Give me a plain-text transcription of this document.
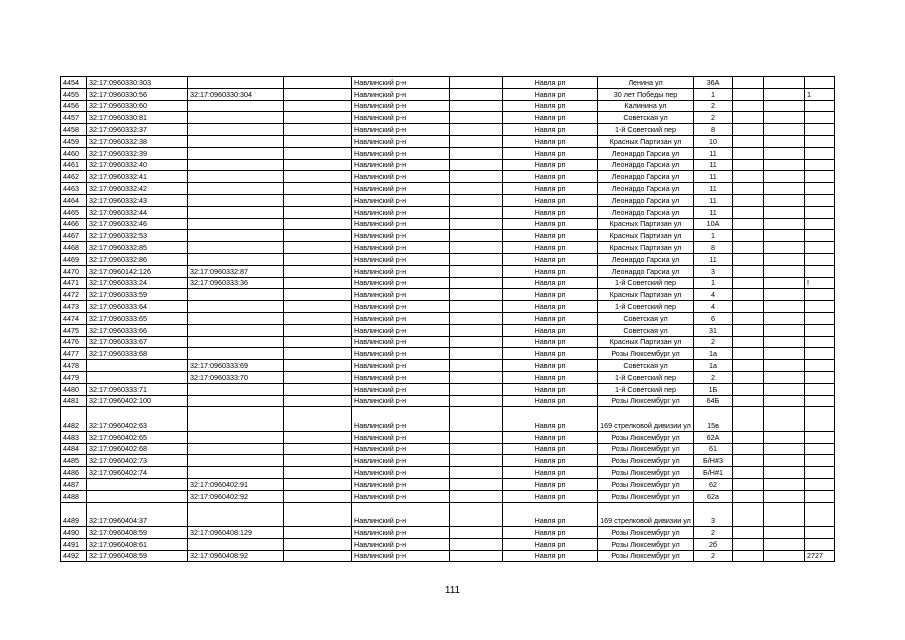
4454	32:17:0960330:303			Навлинский р-н		Навля рп	Ленина ул	36А			
4455	32:17:0960330:56	32:17:0960330:304		Навлинский р-н		Навля рп	30 лет Победы пер	1			1
4456	32:17:0960330:60			Навлинский р-н		Навля рп	Калинина ул	2			
4457	32:17:0960330:81			Навлинский р-н		Навля рп	Советская ул	2			
4458	32:17:0960332:37			Навлинский р-н		Навля рп	1-й Советский пер	8			
4459	32:17:0960332:38			Навлинский р-н		Навля рп	Красных Партизан ул	10			
4460	32:17:0960332:39			Навлинский р-н		Навля рп	Леонардо Гарсиа ул	11			
4461	32:17:0960332:40			Навлинский р-н		Навля рп	Леонардо Гарсиа ул	11			
4462	32:17:0960332:41			Навлинский р-н		Навля рп	Леонардо Гарсиа ул	11			
4463	32:17:0960332:42			Навлинский р-н		Навля рп	Леонардо Гарсиа ул	11			
4464	32:17:0960332:43			Навлинский р-н		Навля рп	Леонардо Гарсиа ул	11			
4465	32:17:0960332:44			Навлинский р-н		Навля рп	Леонардо Гарсиа ул	11			
4466	32:17:0960332:46			Навлинский р-н		Навля рп	Красных Партизан ул	10А			
4467	32:17:0960332:53			Навлинский р-н		Навля рп	Красных Партизан ул	1			
4468	32:17:0960332:85			Навлинский р-н		Навля рп	Красных Партизан ул	8			
4469	32:17:0960332:86			Навлинский р-н		Навля рп	Леонардо Гарсиа ул	11			
4470	32:17:0960142:126	32:17:0960332:87		Навлинский р-н		Навля рп	Леонардо Гарсиа ул	3			
4471	32:17:0960333:24	32:17:0960333:36		Навлинский р-н		Навля рп	1-й Советский пер	1			I
4472	32:17:0960333:59			Навлинский р-н		Навля рп	Красных Партизан ул	4			
4473	32:17:0960333:64			Навлинский р-н		Навля рп	1-й Советский пер	4			
4474	32:17:0960333:65			Навлинский р-н		Навля рп	Советская ул	6			
4475	32:17:0960333:66			Навлинский р-н		Навля рп	Советская ул	31			
4476	32:17:0960333:67			Навлинский р-н		Навля рп	Красных Партизан ул	2			
4477	32:17:0960333:68			Навлинский р-н		Навля рп	Розы Люксембург ул	1а			
4478		32:17:0960333:69		Навлинский р-н		Навля рп	Советская ул	1а			
4479		32:17:0960333:70		Навлинский р-н		Навля рп	1-й Советский пер	2			
4480	32:17:0960333:71			Навлинский р-н		Навля рп	1-й Советский пер	1Б			
4481	32:17:0960402:100			Навлинский р-н		Навля рп	Розы Люксембург ул	64Б			
4482	32:17:0960402:63			Навлинский р-н		Навля рп	169 стрелковой дивизии ул	15в			
4483	32:17:0960402:65			Навлинский р-н		Навля рп	Розы Люксембург ул	62А			
4484	32:17:0960402:68			Навлинский р-н		Навля рп	Розы Люксембург ул	61			
4485	32:17:0960402:73			Навлинский р-н		Навля рп	Розы Люксембург ул	Б/Н#3			
4486	32:17:0960402:74			Навлинский р-н		Навля рп	Розы Люксембург ул	Б/Н#1			
4487		32:17:0960402:91		Навлинский р-н		Навля рп	Розы Люксембург ул	62			
4488		32:17:0960402:92		Навлинский р-н		Навля рп	Розы Люксембург ул	62а			
4489	32:17:0960404:37			Навлинский р-н		Навля рп	169 стрелковой дивизии ул	3			
4490	32:17:0960408:59	32:17:0960408:129		Навлинский р-н		Навля рп	Розы Люксембург ул	2			
4491	32:17:0960408:61			Навлинский р-н		Навля рп	Розы Люксембург ул	2б			
4492	32:17:0960408:59	32:17:0960408:92		Навлинский р-н		Навля рп	Розы Люксембург ул	2			2727
111
